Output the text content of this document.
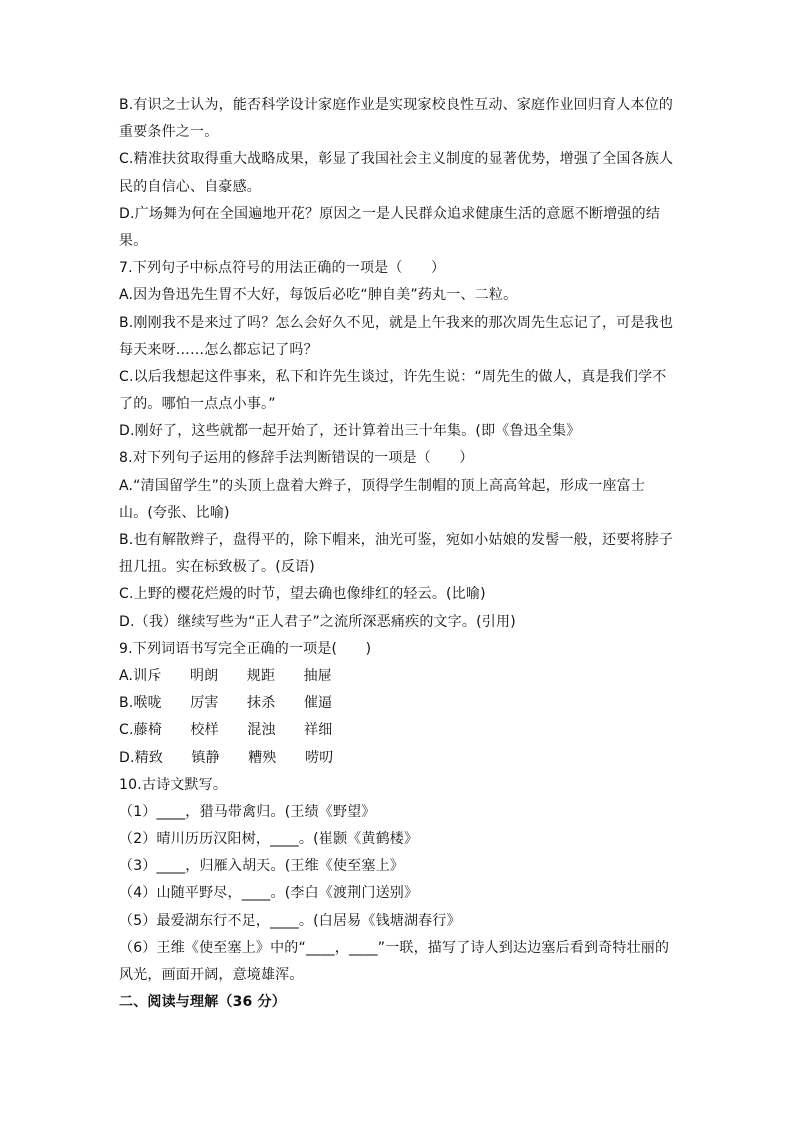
B.有识之士认为，能否科学设计家庭作业是实现家校良性互动、家庭作业回归育人本位的
重要条件之一。
C.精准扶贫取得重大战略成果，彰显了我国社会主义制度的显著优势，增强了全国各族人
民的自信心、自豪感。
D.广场舞为何在全国遍地开花？原因之一是人民群众追求健康生活的意愿不断增强的结
果。
7.下列句子中标点符号的用法正确的一项是（　　）
A.因为鲁迅先生胃不大好，每饭后必吃“胂自美”药丸一、二粒。
B.刚刚我不是来过了吗？怎么会好久不见，就是上午我来的那次周先生忘记了，可是我也
每天来呀……怎么都忘记了吗？
C.以后我想起这件事来，私下和许先生谈过，许先生说：“周先生的做人，真是我们学不
了的。哪怕一点点小事。”
D.刚好了，这些就都一起开始了，还计算着出三十年集。(即《鲁迅全集》
8.对下列句子运用的修辞手法判断错误的一项是（　　）
A.“清国留学生”的头顶上盘着大辫子，顶得学生制帽的顶上高高耸起，形成一座富士
山。(夸张、比喻)
B.也有解散辫子，盘得平的，除下帽来，油光可鉴，宛如小姑娘的发髻一般，还要将脖子
扭几扭。实在标致极了。(反语)
C.上野的樱花烂熳的时节，望去确也像绯红的轻云。(比喻)
D.（我）继续写些为“正人君子”之流所深恶痛疾的文字。(引用)
9.下列词语书写完全正确的一项是(　　)
A.训斥　　明朗　　规距　　抽屉
B.喉咙　　厉害　　抹杀　　催逼
C.藤椅　　校样　　混浊　　祥细
D.精致　　镇静　　糟殃　　唠叨
10.古诗文默写。
（1）____，猎马带禽归。(王绩《野望》
（2）晴川历历汉阳树，____。(崔颢《黄鹤楼》
（3）____，归雁入胡天。(王维《使至塞上》
（4）山随平野尽，____。(李白《渡荆门送别》
（5）最爱湖东行不足，____。(白居易《钱塘湖春行》
（6）王维《使至塞上》中的“____，____”一联，描写了诗人到达边塞后看到奇特壮丽的
风光，画面开阔，意境雄浑。
二、阅读与理解（36 分）
